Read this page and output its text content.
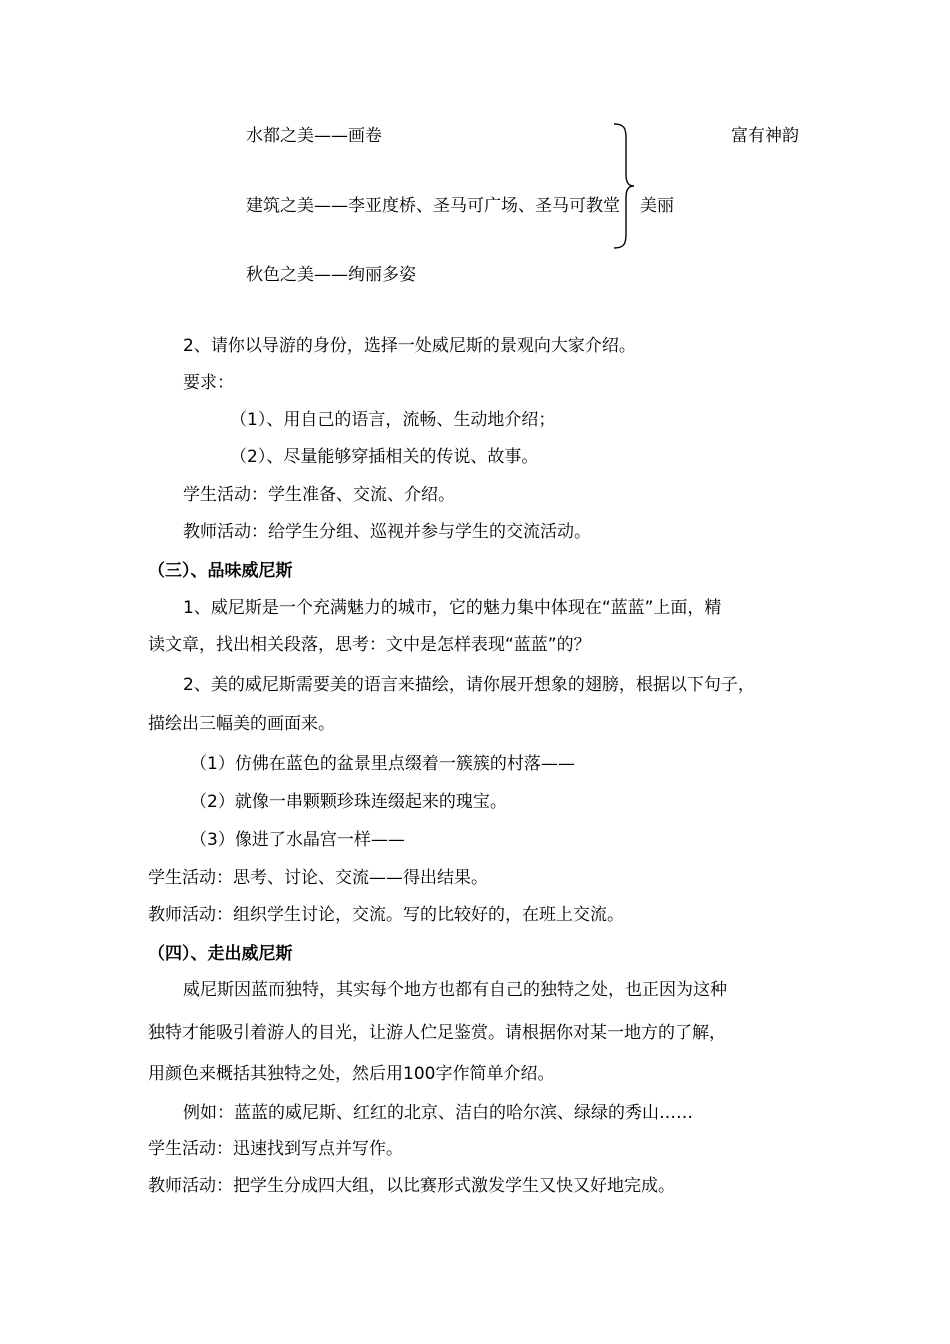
水都之美——画卷
建筑之美——李亚度桥、圣马可广场、圣马可教堂
秋色之美——绚丽多姿
美丽
富有神韵
2、请你以导游的身份，选择一处威尼斯的景观向大家介绍。
要求：
（1）、用自己的语言，流畅、生动地介绍；
（2）、尽量能够穿插相关的传说、故事。
学生活动：学生准备、交流、介绍。
教师活动：给学生分组、巡视并参与学生的交流活动。
（三）、品味威尼斯
1、威尼斯是一个充满魅力的城市，它的魅力集中体现在“蓝蓝”上面，精
读文章，找出相关段落，思考：文中是怎样表现“蓝蓝”的？
2、美的威尼斯需要美的语言来描绘，请你展开想象的翅膀，根据以下句子，
描绘出三幅美的画面来。
（1）仿佛在蓝色的盆景里点缀着一簇簇的村落——
（2）就像一串颗颗珍珠连缀起来的瑰宝。
（3）像进了水晶宫一样——
学生活动：思考、讨论、交流——得出结果。
教师活动：组织学生讨论，交流。写的比较好的，在班上交流。
（四）、走出威尼斯
威尼斯因蓝而独特，其实每个地方也都有自己的独特之处，也正因为这种
独特才能吸引着游人的目光，让游人伫足鉴赏。请根据你对某一地方的了解，
用颜色来概括其独特之处，然后用100字作简单介绍。
例如：蓝蓝的威尼斯、红红的北京、洁白的哈尔滨、绿绿的秀山……
学生活动：迅速找到写点并写作。
教师活动：把学生分成四大组，以比赛形式激发学生又快又好地完成。
